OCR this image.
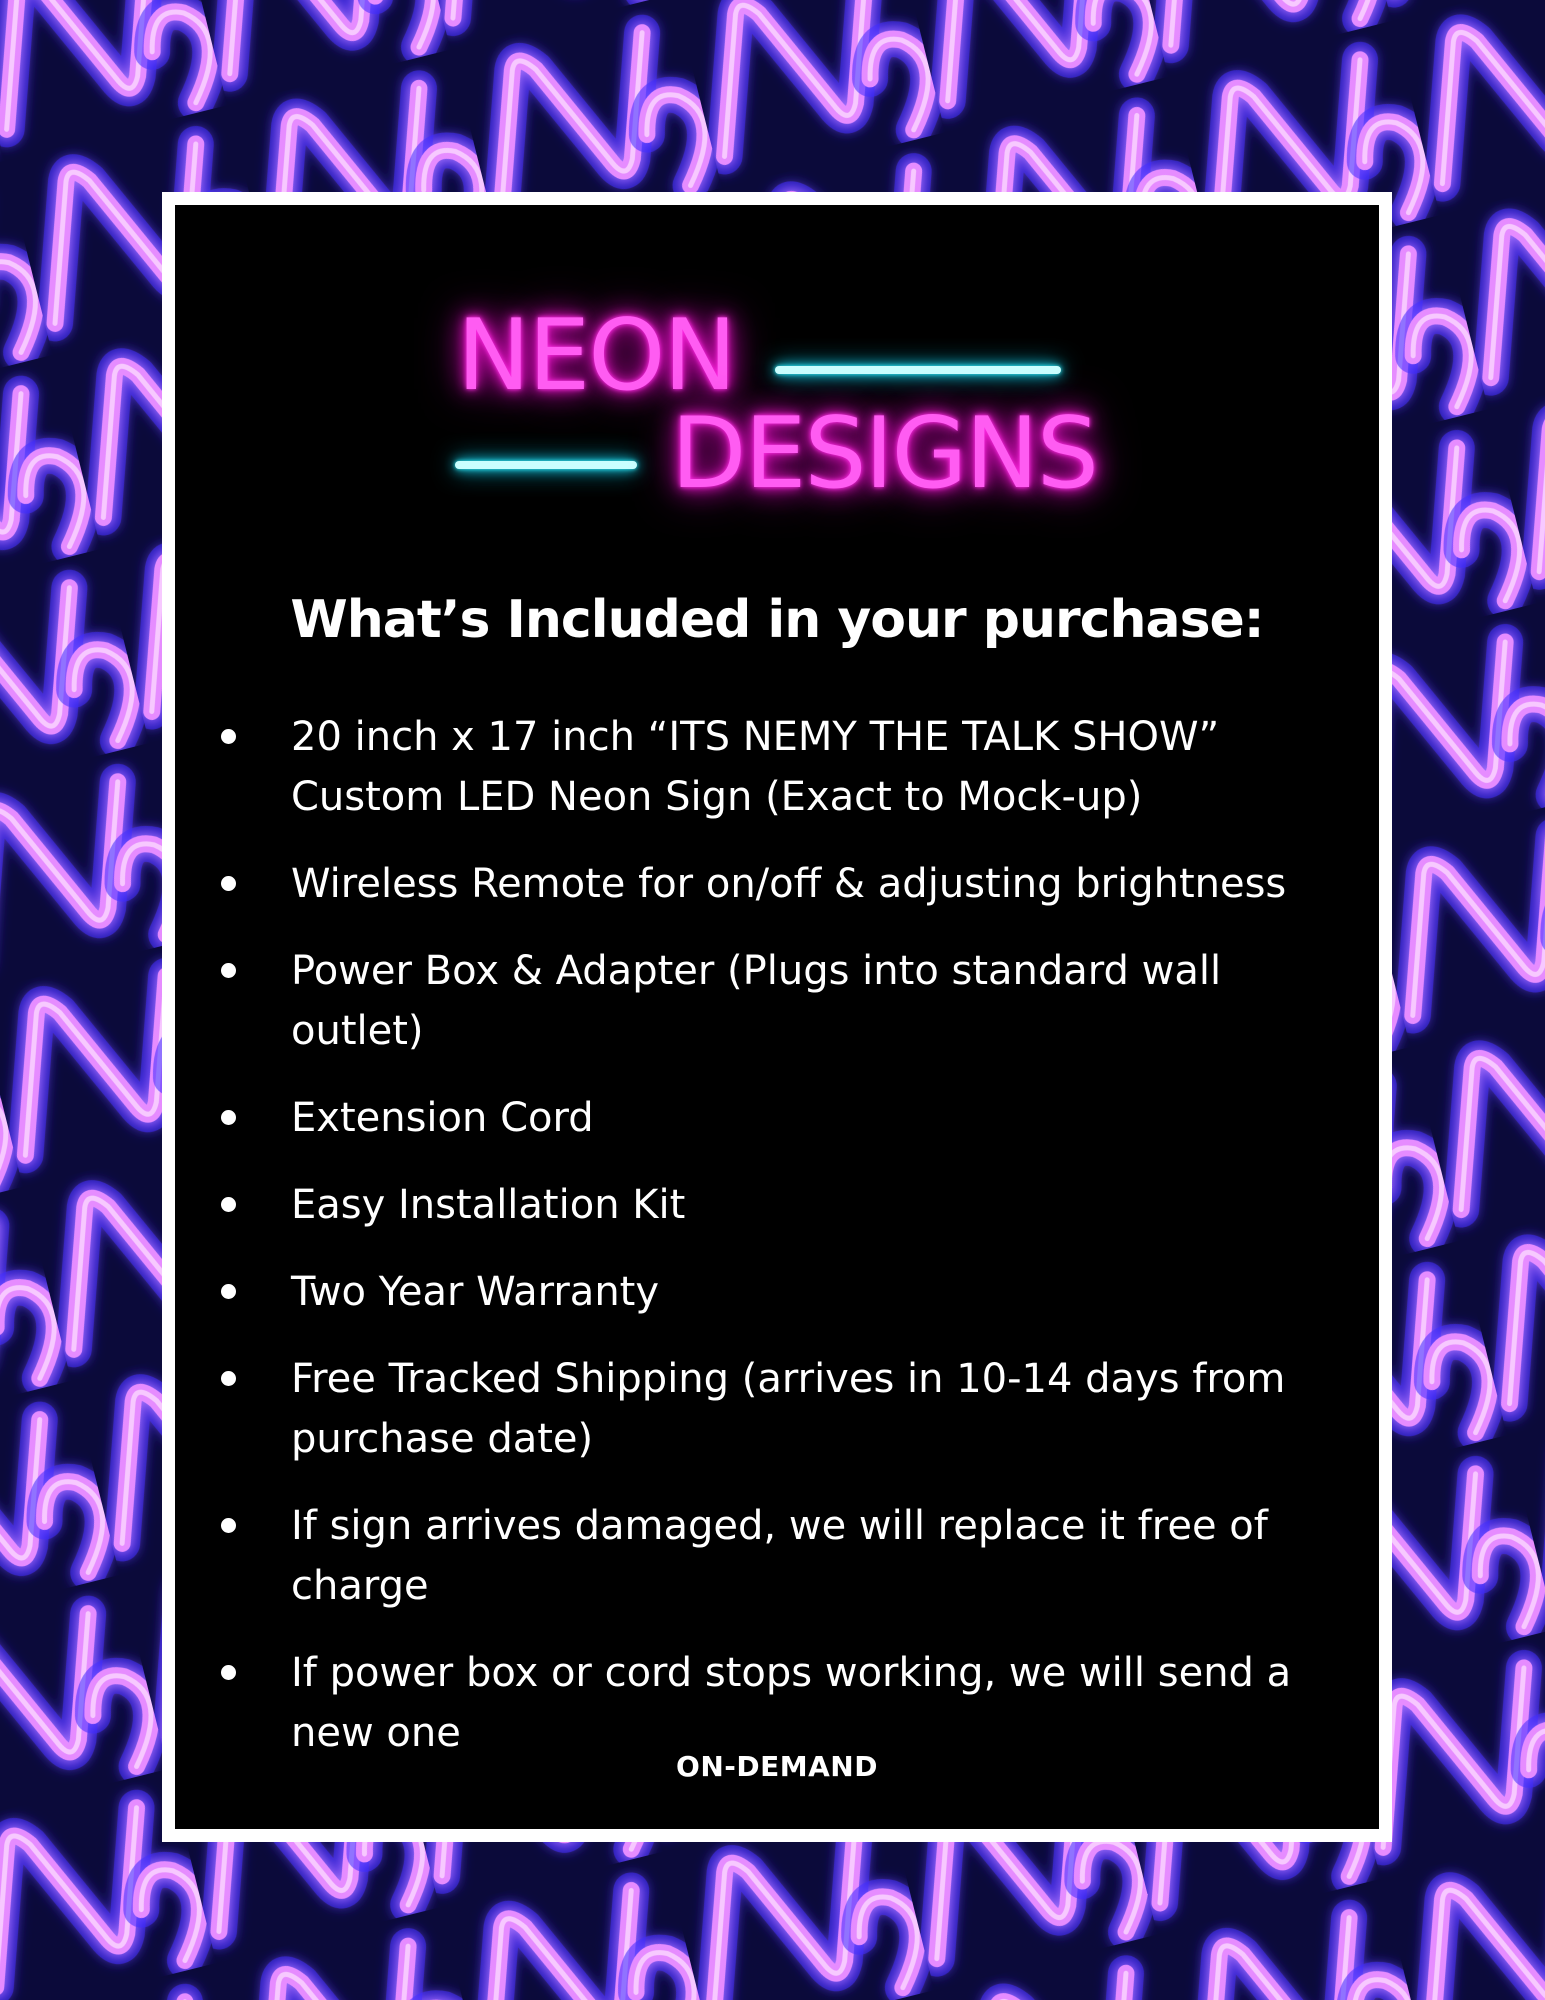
NEON
DESIGNS
What’s Included in your purchase:
20 inch x 17 inch “ITS NEMY THE TALK SHOW” Custom LED Neon Sign (Exact to Mock-up)
Wireless Remote for on/off & adjusting brightness
Power Box & Adapter (Plugs into standard wall outlet)
Extension Cord
Easy Installation Kit
Two Year Warranty
Free Tracked Shipping (arrives in 10-14 days from purchase date)
If sign arrives damaged, we will replace it free of charge
If power box or cord stops working, we will send a new one
ON-DEMAND
